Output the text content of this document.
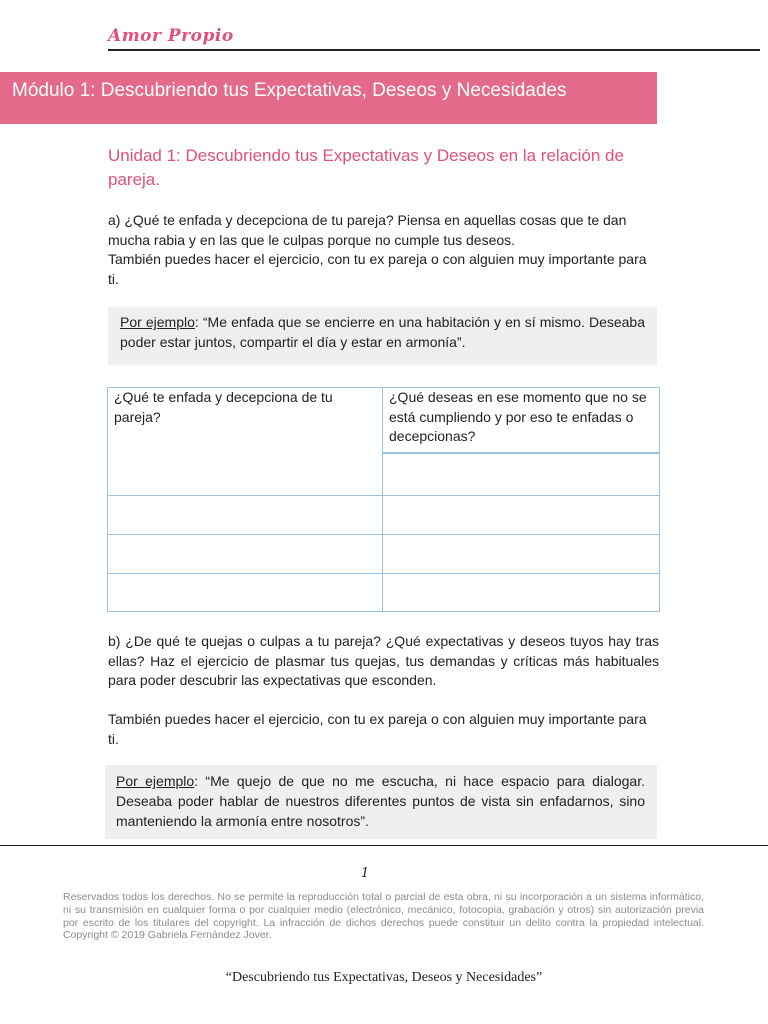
Amor Propio
Módulo 1: Descubriendo tus Expectativas, Deseos y Necesidades
Unidad 1: Descubriendo tus Expectativas y Deseos en la relación de pareja.
a) ¿Qué te enfada y decepciona de tu pareja? Piensa en aquellas cosas que te dan mucha rabia y en las que le culpas porque no cumple tus deseos.
También puedes hacer el ejercicio, con tu ex pareja o con alguien muy importante para ti.
Por ejemplo: “Me enfada que se encierre en una habitación y en sí mismo. Deseaba poder estar juntos, compartir el día y estar en armonía”.
¿Qué te enfada y decepciona de tu pareja?
¿Qué deseas en ese momento que no se está cumpliendo y por eso te enfadas o decepcionas?
b) ¿De qué te quejas o culpas a tu pareja? ¿Qué expectativas y deseos tuyos hay tras ellas? Haz el ejercicio de plasmar tus quejas, tus demandas y críticas más habituales para poder descubrir las expectativas que esconden.
También puedes hacer el ejercicio, con tu ex pareja o con alguien muy importante para ti.
Por ejemplo: “Me quejo de que no me escucha, ni hace espacio para dialogar. Deseaba poder hablar de nuestros diferentes puntos de vista sin enfadarnos, sino manteniendo la armonía entre nosotros”.
1
Reservados todos los derechos. No se permite la reproducción total o parcial de esta obra, ni su incorporación a un sistema informático, ni su transmisión en cualquier forma o por cualquier medio (electrónico, mecánico, fotocopia, grabación y otros) sin autorización previa por escrito de los titulares del copyright. La infracción de dichos derechos puede constituir un delito contra la propiedad intelectual. Copyright © 2019 Gabriela Fernández Jover.
“Descubriendo tus Expectativas, Deseos y Necesidades”
